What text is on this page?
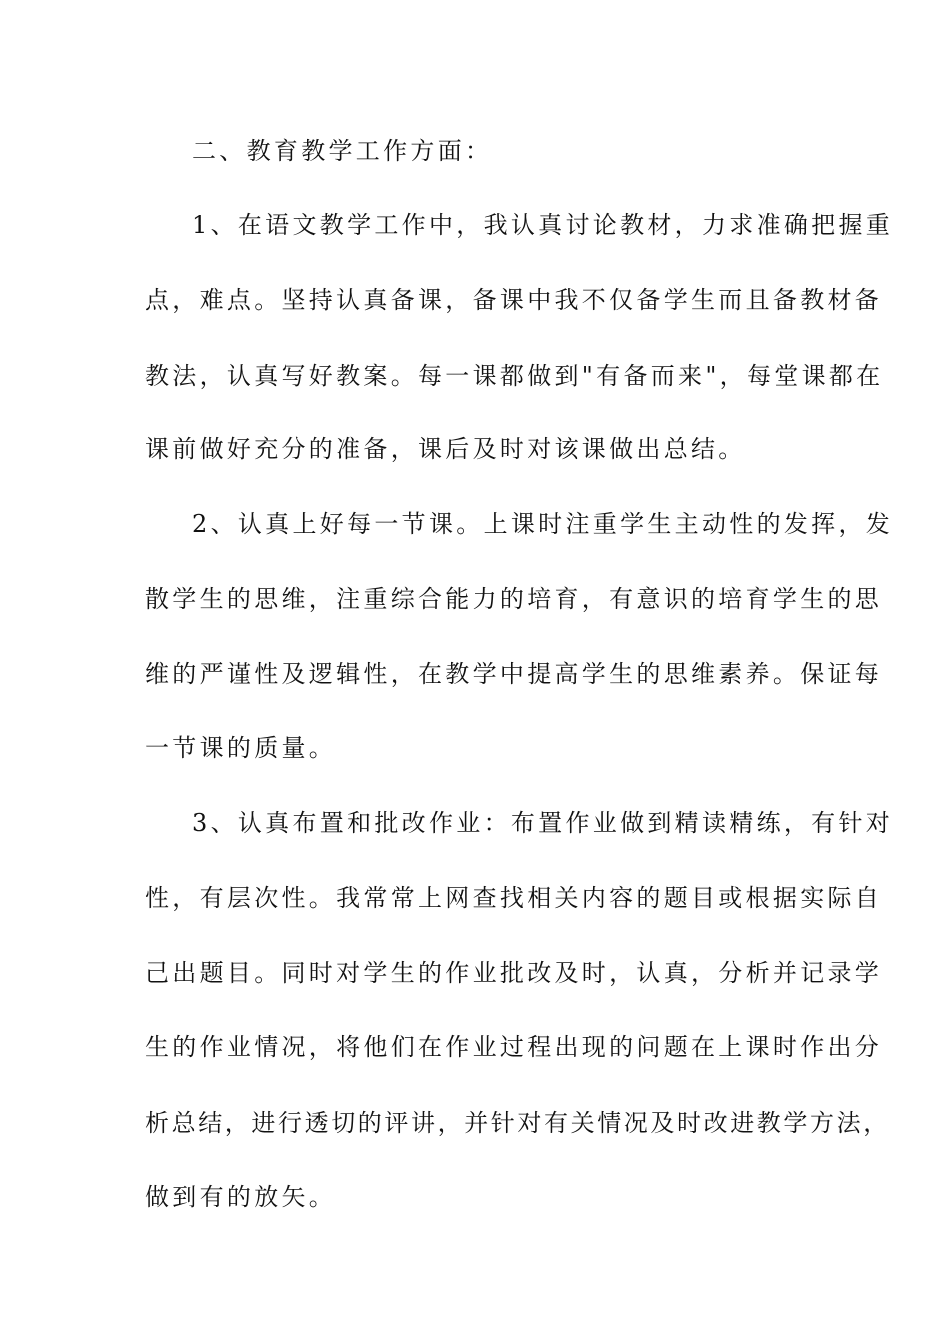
二、教育教学工作方面：

1、在语文教学工作中，我认真讨论教材，力求准确把握重

点，难点。坚持认真备课，备课中我不仅备学生而且备教材备

教法，认真写好教案。每一课都做到"有备而来"，每堂课都在

课前做好充分的准备，课后及时对该课做出总结。

2、认真上好每一节课。上课时注重学生主动性的发挥，发

散学生的思维，注重综合能力的培育，有意识的培育学生的思

维的严谨性及逻辑性，在教学中提高学生的思维素养。保证每

一节课的质量。

3、认真布置和批改作业：布置作业做到精读精练，有针对

性，有层次性。我常常上网查找相关内容的题目或根据实际自

己出题目。同时对学生的作业批改及时，认真，分析并记录学

生的作业情况，将他们在作业过程出现的问题在上课时作出分

析总结，进行透切的评讲，并针对有关情况及时改进教学方法，

做到有的放矢。
